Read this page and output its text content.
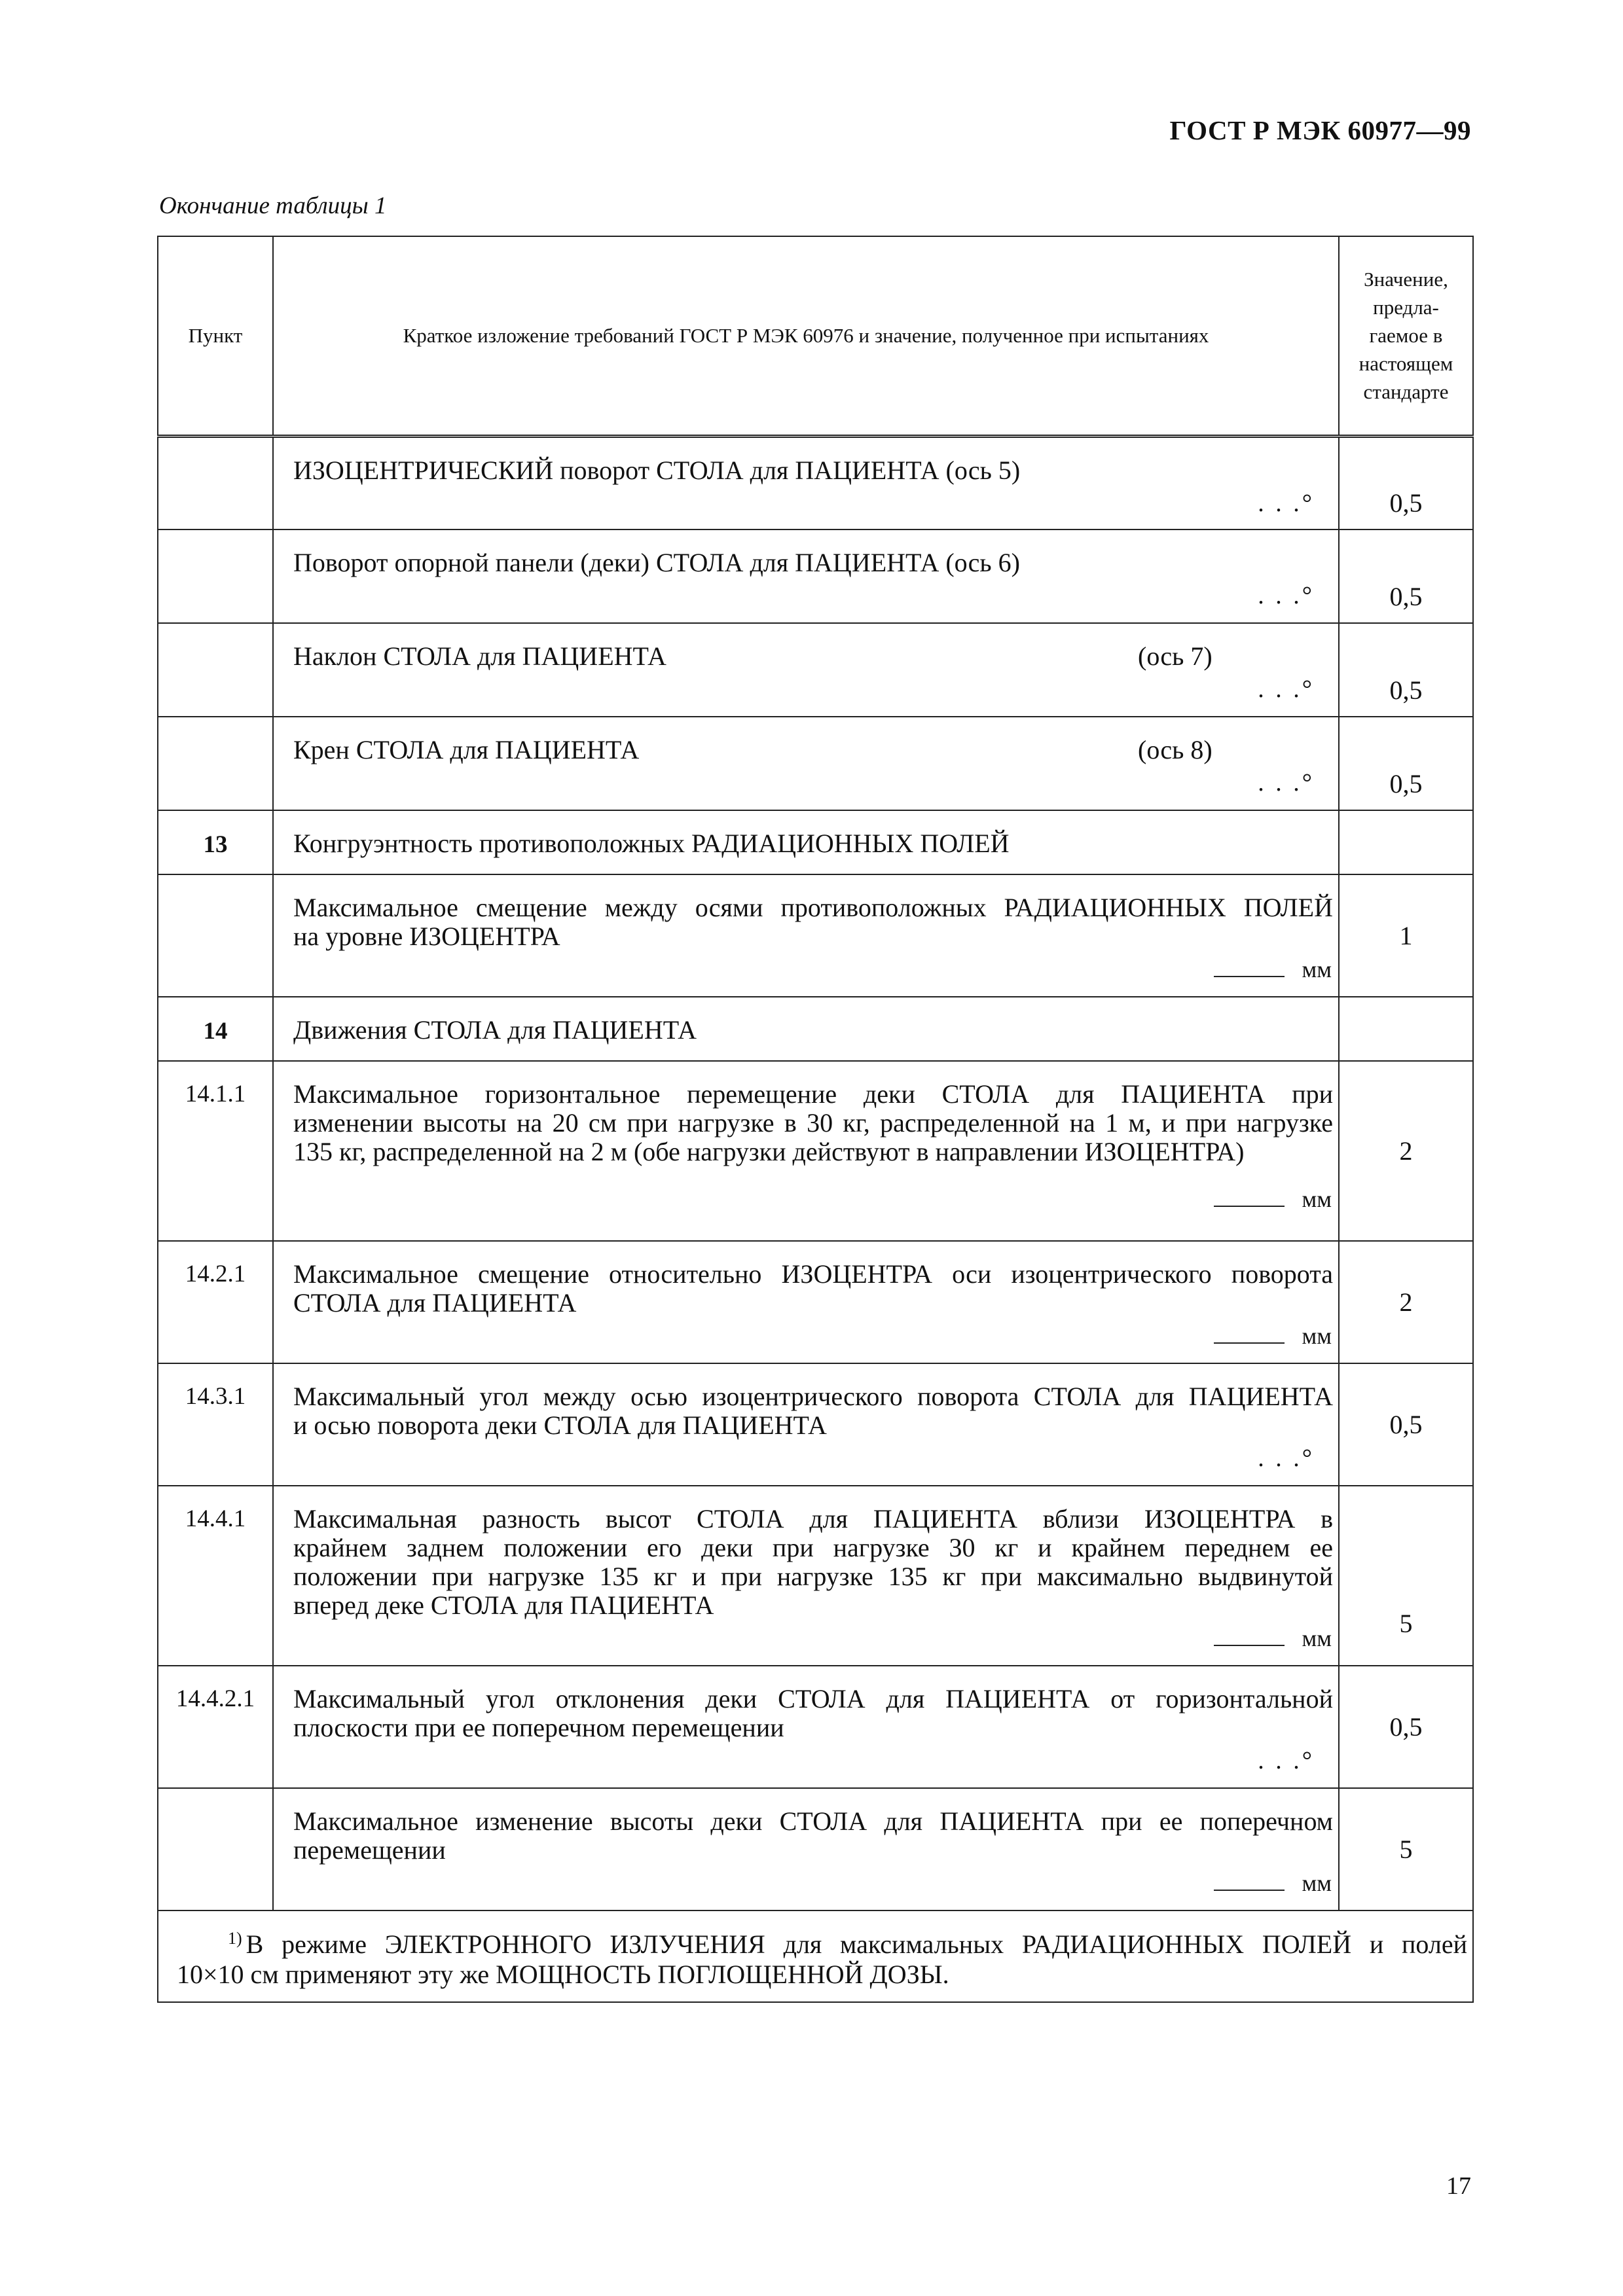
ГОСТ Р МЭК 60977—99
Окончание таблицы 1
Пункт	Краткое изложение требований ГОСТ Р МЭК 60976 и значение, полученное при испытаниях	Значение,
предла-
гаемое в
настоящем
стандарте

	ИЗОЦЕНТРИЧЕСКИЙ поворот СТОЛА для ПАЦИЕНТА (ось 5)
. . .°	0,5

	Поворот опорной панели (деки) СТОЛА для ПАЦИЕНТА (ось 6)
. . .°	0,5

	Наклон СТОЛА для ПАЦИЕНТА (ось 7)
. . .°	0,5

	Крен СТОЛА для ПАЦИЕНТА (ось 8)
. . .°	0,5
13	Конгруэнтность противоположных РАДИАЦИОННЫХ ПОЛЕЙ	

	Максимальное смещение между осями противоположных РАДИАЦИОННЫХ ПОЛЕЙ
на уровне ИЗОЦЕНТРА
мм	1
14	Движения СТОЛА для ПАЦИЕНТА	

14.1.1	Максимальное горизонтальное перемещение деки СТОЛА для ПАЦИЕНТА при
изменении высоты на 20 см при нагрузке в 30 кг, распределенной на 1 м, и при нагрузке
135 кг, распределенной на 2 м (обе нагрузки действуют в направлении ИЗОЦЕНТРА)
мм	2
14.2.1	Максимальное смещение относительно ИЗОЦЕНТРА оси изоцентрического поворота
СТОЛА для ПАЦИЕНТА
мм	2
14.3.1	Максимальный угол между осью изоцентрического поворота СТОЛА для ПАЦИЕНТА
и осью поворота деки СТОЛА для ПАЦИЕНТА
. . .°	0,5
14.4.1	Максимальная разность высот СТОЛА для ПАЦИЕНТА вблизи ИЗОЦЕНТРА в
крайнем заднем положении его деки при нагрузке 30 кг и крайнем переднем ее
положении при нагрузке 135 кг и при нагрузке 135 кг при максимально выдвинутой
вперед деке СТОЛА для ПАЦИЕНТА
мм	5
14.4.2.1	Максимальный угол отклонения деки СТОЛА для ПАЦИЕНТА от горизонтальной
плоскости при ее поперечном перемещении
. . .°	0,5

	Максимальное изменение высоты деки СТОЛА для ПАЦИЕНТА при ее поперечном
перемещении
мм	5

$^{1)}$ В режиме ЭЛЕКТРОННОГО ИЗЛУЧЕНИЯ для максимальных РАДИАЦИОННЫХ ПОЛЕЙ и полей
10×10 см применяют эту же МОЩНОСТЬ ПОГЛОЩЕННОЙ ДОЗЫ.		
17
